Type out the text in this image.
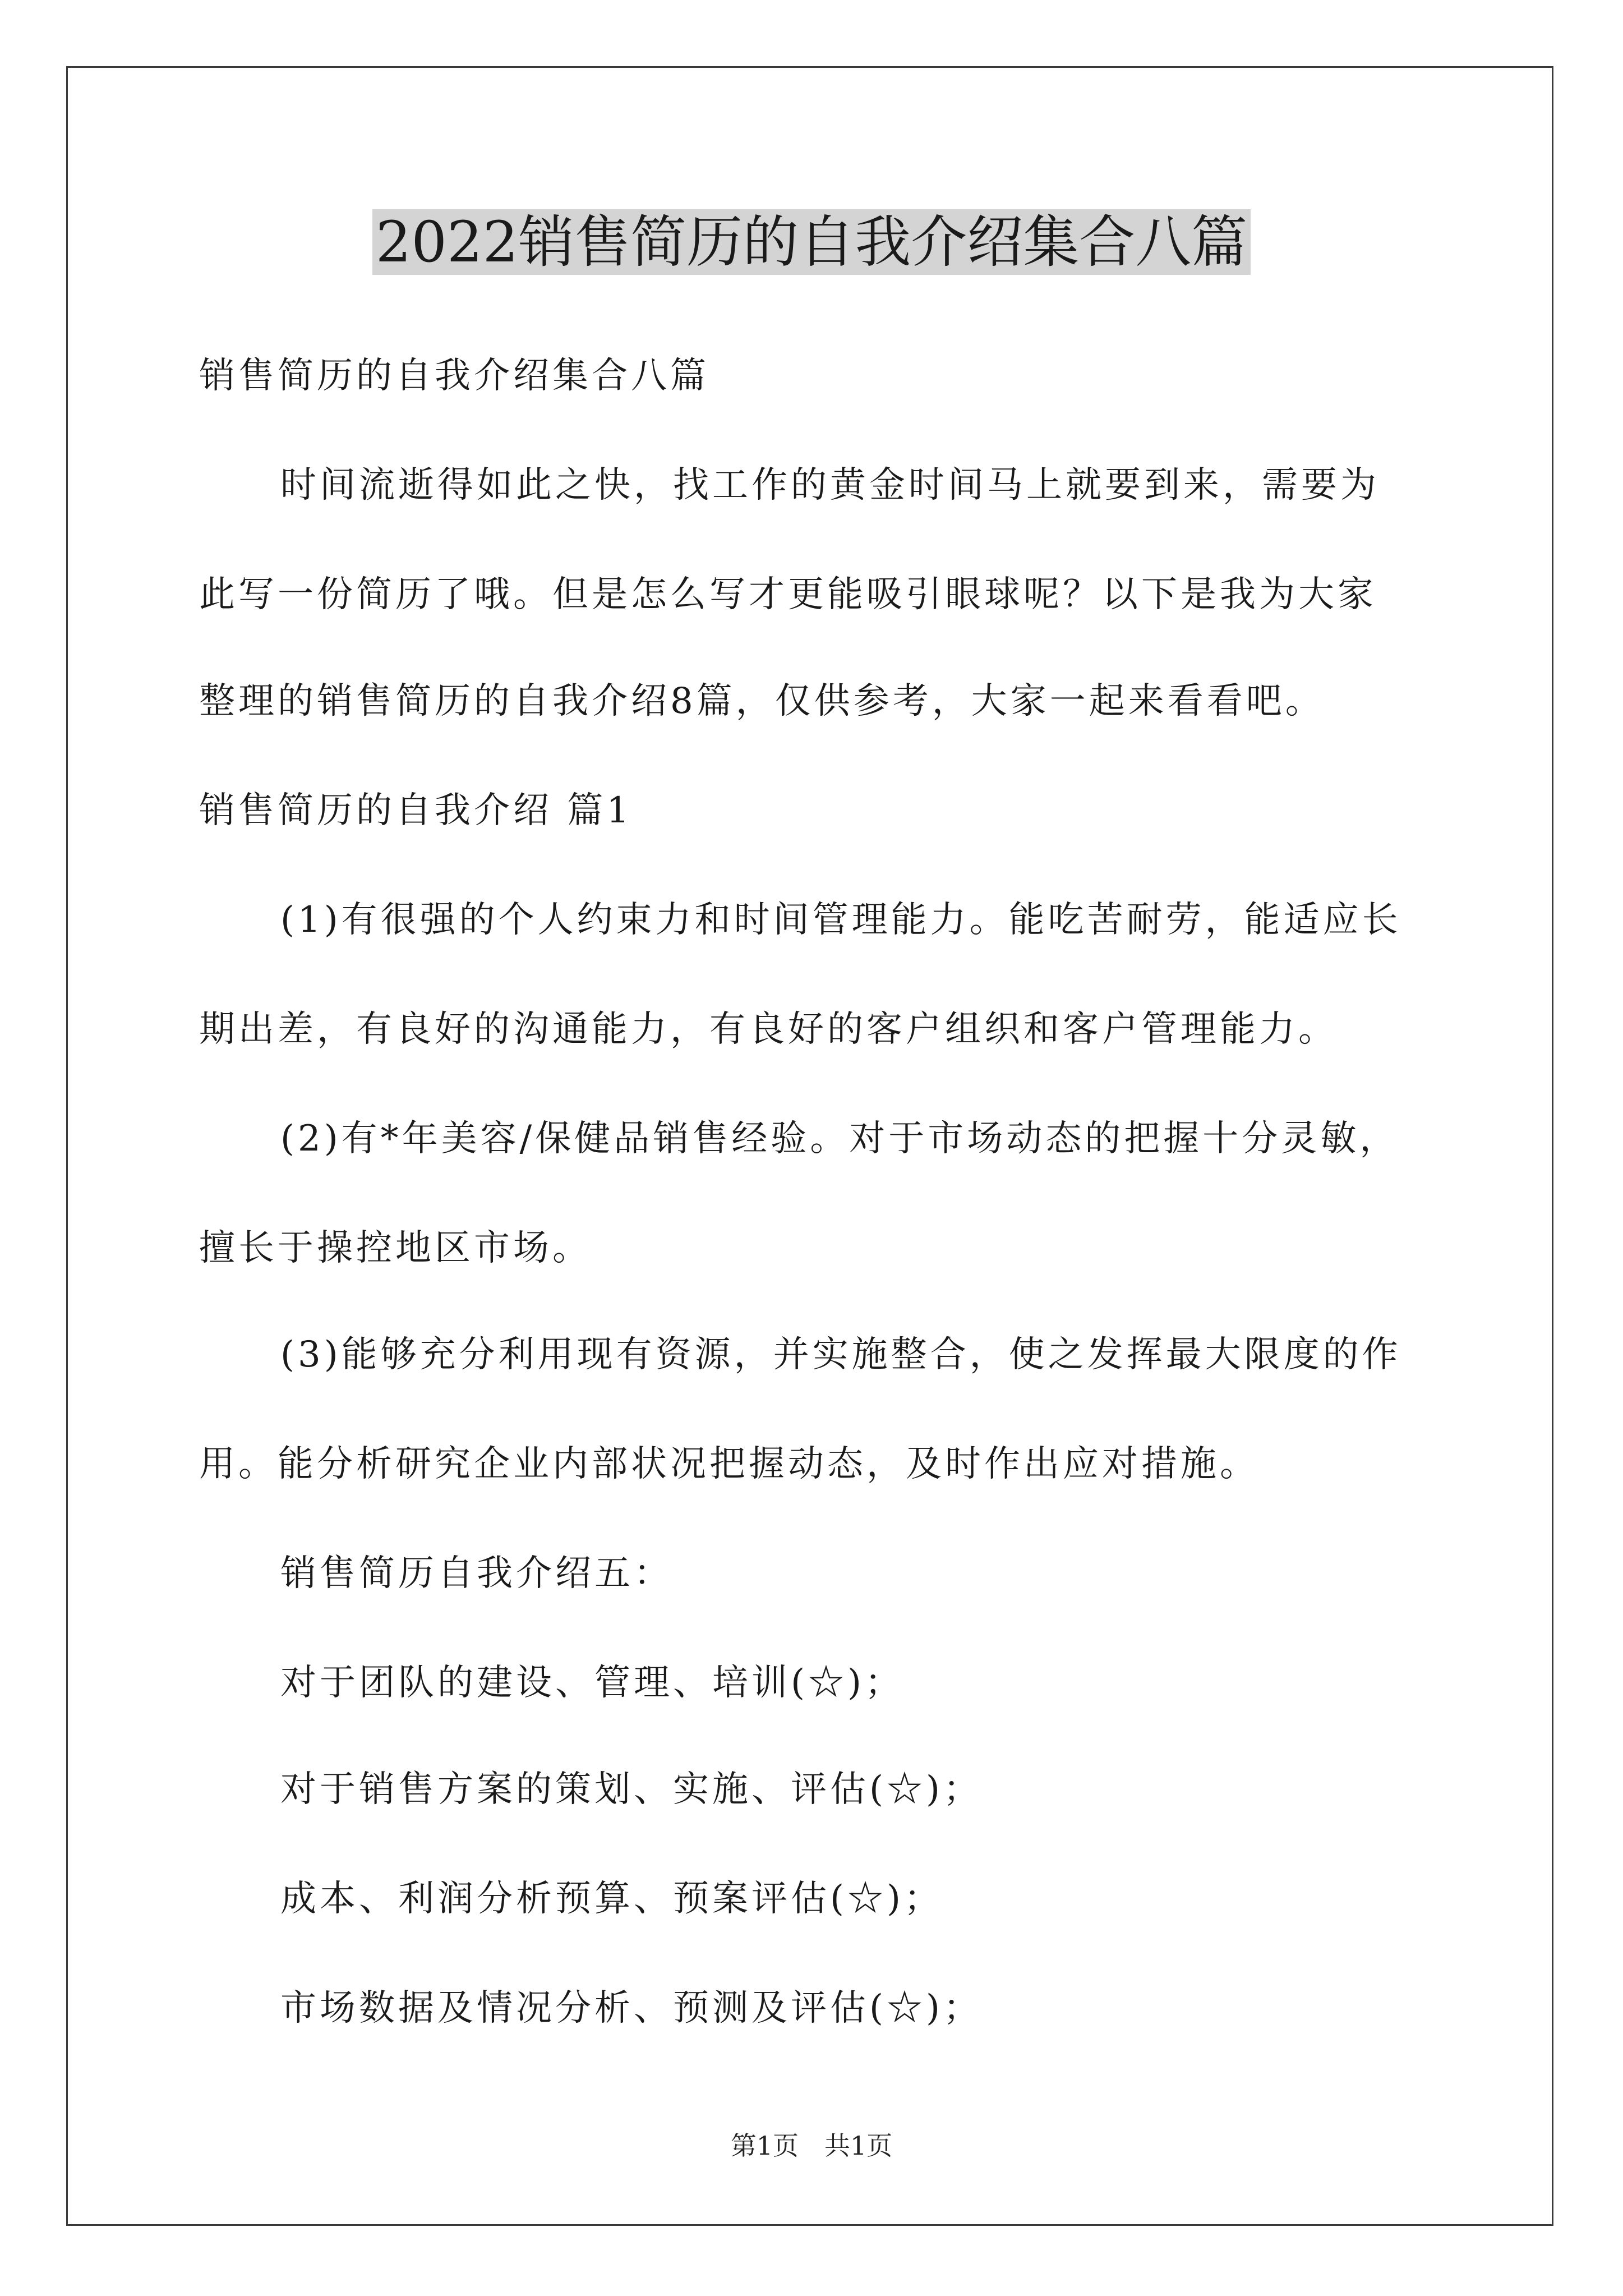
2022销售简历的自我介绍集合八篇
销售简历的自我介绍集合八篇
时间流逝得如此之快，找工作的黄金时间马上就要到来，需要为
此写一份简历了哦。但是怎么写才更能吸引眼球呢？以下是我为大家
整理的销售简历的自我介绍8篇，仅供参考，大家一起来看看吧。
销售简历的自我介绍 篇1
(1)有很强的个人约束力和时间管理能力。能吃苦耐劳，能适应长
期出差，有良好的沟通能力，有良好的客户组织和客户管理能力。
(2)有*年美容/保健品销售经验。对于市场动态的把握十分灵敏，
擅长于操控地区市场。
(3)能够充分利用现有资源，并实施整合，使之发挥最大限度的作
用。能分析研究企业内部状况把握动态，及时作出应对措施。
销售简历自我介绍五：
对于团队的建设、管理、培训(☆)；
对于销售方案的策划、实施、评估(☆)；
成本、利润分析预算、预案评估(☆)；
市场数据及情况分析、预测及评估(☆)；
第1页　共1页
